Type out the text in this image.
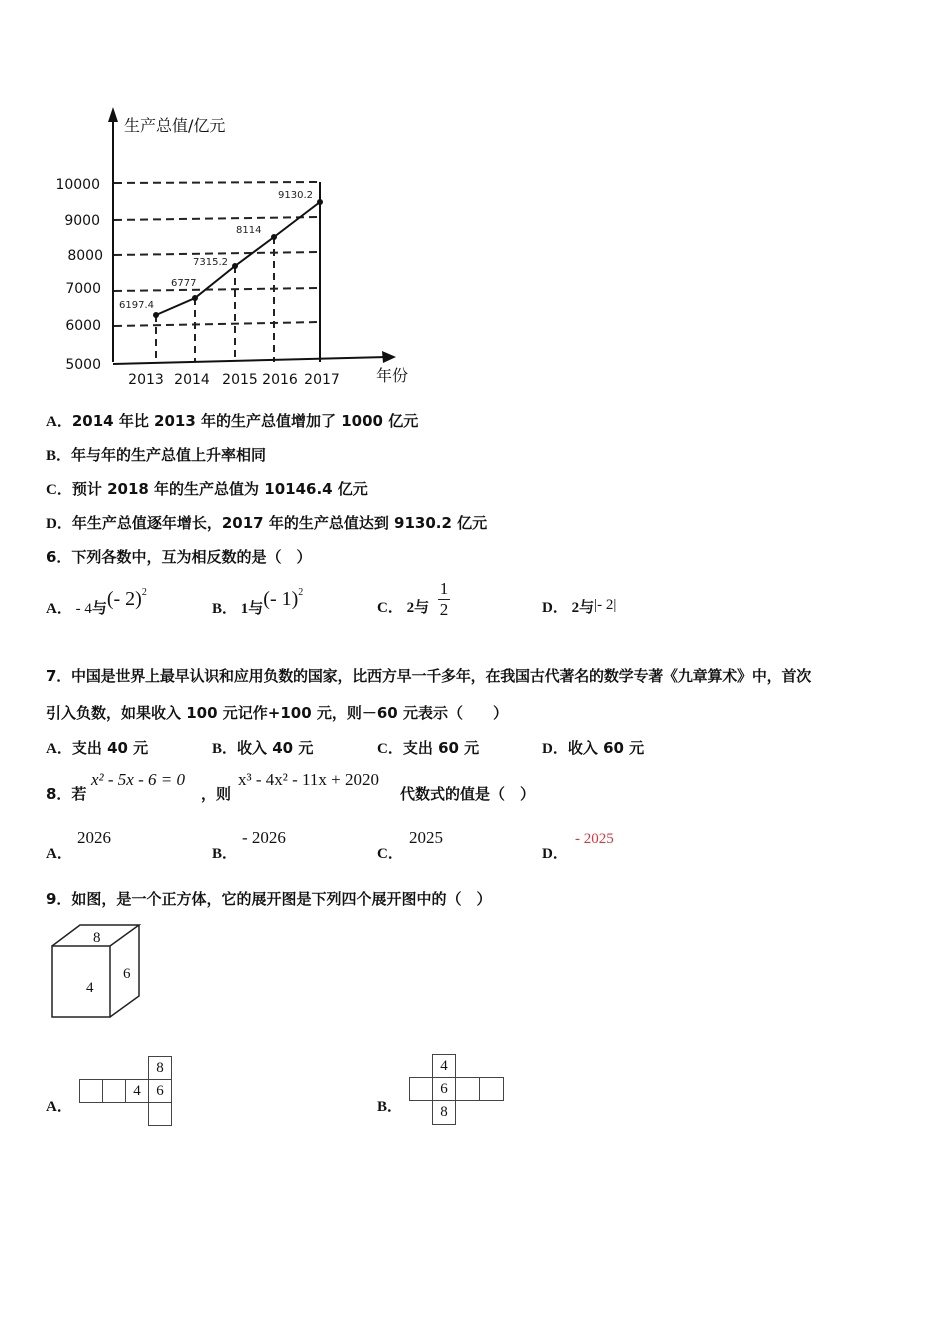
6197.4
6777
7315.2
8114
9130.2
10000
9000
8000
7000
6000
5000
2013 2014 2015 2016 2017
生产总值/亿元
年份
A．2014 年比 2013 年的生产总值增加了 1000 亿元
B．年与年的生产总值上升率相同
C．预计 2018 年的生产总值为 10146.4 亿元
D．年生产总值逐年增长，2017 年的生产总值达到 9130.2 亿元
6．下列各数中，互为相反数的是（　）
A． - 4与(- 2)$^2$
B． 1与(- 1)$^2$
C． 2与
1
2	D． 2与|- 2|
7．中国是世界上最早认识和应用负数的国家，比西方早一千多年，在我国古代著名的数学专著《九章算术》中，首次
引入负数，如果收入 100 元记作+100 元，则－60 元表示（　　）
A．支出 40 元	B．收入 40 元	C．支出 60 元	D．收入 60 元
8．若
x² - 5x - 6 = 0
，则
x³ - 4x² - 11x + 2020
代数式的值是（　）
A．
2026
B．
- 2026
C．
2025
D．
- 2025
9．如图，是一个正方体，它的展开图是下列四个展开图中的（　）
8
4
6
A．
8
4	6
B．
4
6
8
